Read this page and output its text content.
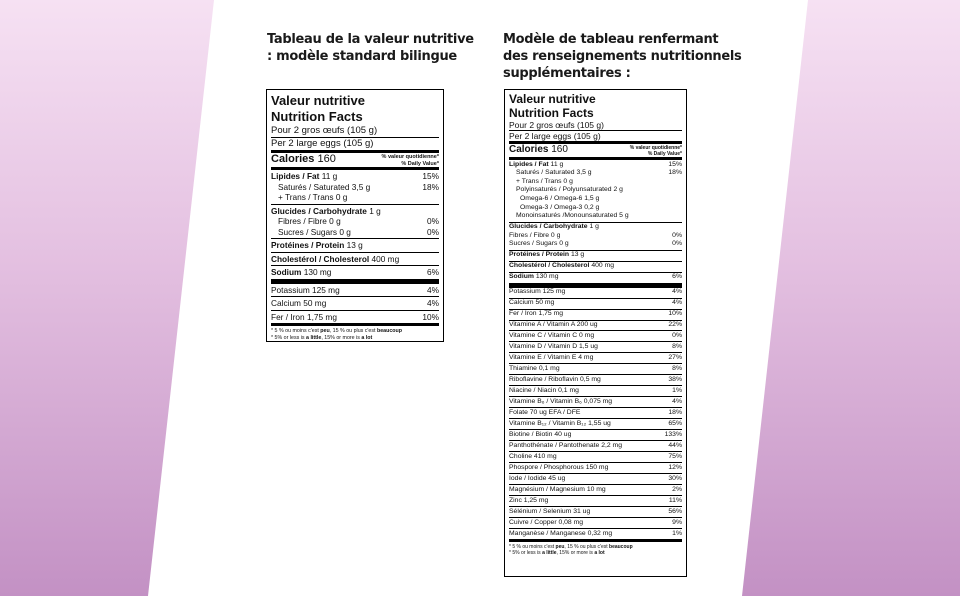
Tableau de la valeur nutritive : modèle standard bilingue
Modèle de tableau renfermant des renseignements nutritionnels supplémentaires :
Valeur nutritive
Nutrition Facts
Pour 2 gros œufs (105 g)
Per 2 large eggs (105 g)
Calories 160	% valeur quotidienne*
% Daily Value*
Lipides / Fat 11 g	15%
Saturés / Saturated 3,5 g	18%
+ Trans / Trans 0 g
Glucides / Carbohydrate 1 g
Fibres / Fibre 0 g	0%
Sucres / Sugars 0 g	0%
Protéines / Protein 13 g
Cholestérol / Cholesterol 400 mg
Sodium 130 mg	6%
Potassium 125 mg	4%
Calcium 50 mg	4%
Fer / Iron 1,75 mg	10%
* 5 % ou moins c'est peu, 15 % ou plus c'est beaucoup
* 5% or less is a little, 15% or more is a lot
Valeur nutritive
Nutrition Facts
Pour 2 gros œufs (105 g)
Per 2 large eggs (105 g)
Calories 160	% valeur quotidienne*
% Daily Value*
Lipides / Fat 11 g	15%
Saturés / Saturated 3,5 g	18%
+ Trans / Trans 0 g
Polyinsaturés / Polyunsaturated 2 g
Omega-6 / Omega-6 1,5 g
Omega-3 / Omega-3 0,2 g
Monoinsaturés /Monounsaturated 5 g
Glucides / Carbohydrate 1 g
Fibres / Fibre 0 g	0%
Sucres / Sugars 0 g	0%
Protéines / Protein 13 g
Cholestérol / Cholesterol 400 mg
Sodium 130 mg	6%
Potassium 125 mg	4%
Calcium 50 mg	4%
Fer / Iron 1,75 mg	10%
Vitamine A / Vitamin A 200 ug	22%
Vitamine C / Vitamin C 0 mg	0%
Vitamine D / Vitamin D 1,5 ug	8%
Vitamine E / Vitamin E 4 mg	27%
Thiamine 0,1 mg	8%
Riboflavine / Riboflavin 0,5 mg	38%
Niacine / Niacin 0,1 mg	1%
Vitamine B₆ / Vitamin B₆ 0,075 mg	4%
Folate 70 ug EFA / DFE	18%
Vitamine B₁₂ / Vitamin B₁₂ 1,55 ug	65%
Biotine / Biotin 40 ug	133%
Panthothénate / Pantothenate 2,2 mg	44%
Choline 410 mg	75%
Phospore / Phosphorous 150 mg	12%
Iode / Iodide 45 ug	30%
Magnésium / Magnesium 10 mg	2%
Zinc 1,25 mg	11%
Sélénium / Selenium 31 ug	56%
Cuivre / Copper 0,08 mg	9%
Manganèse / Manganese 0,32 mg	1%
* 5 % ou moins c'est peu, 15 % ou plus c'est beaucoup
* 5% or less is a little, 15% or more is a lot
